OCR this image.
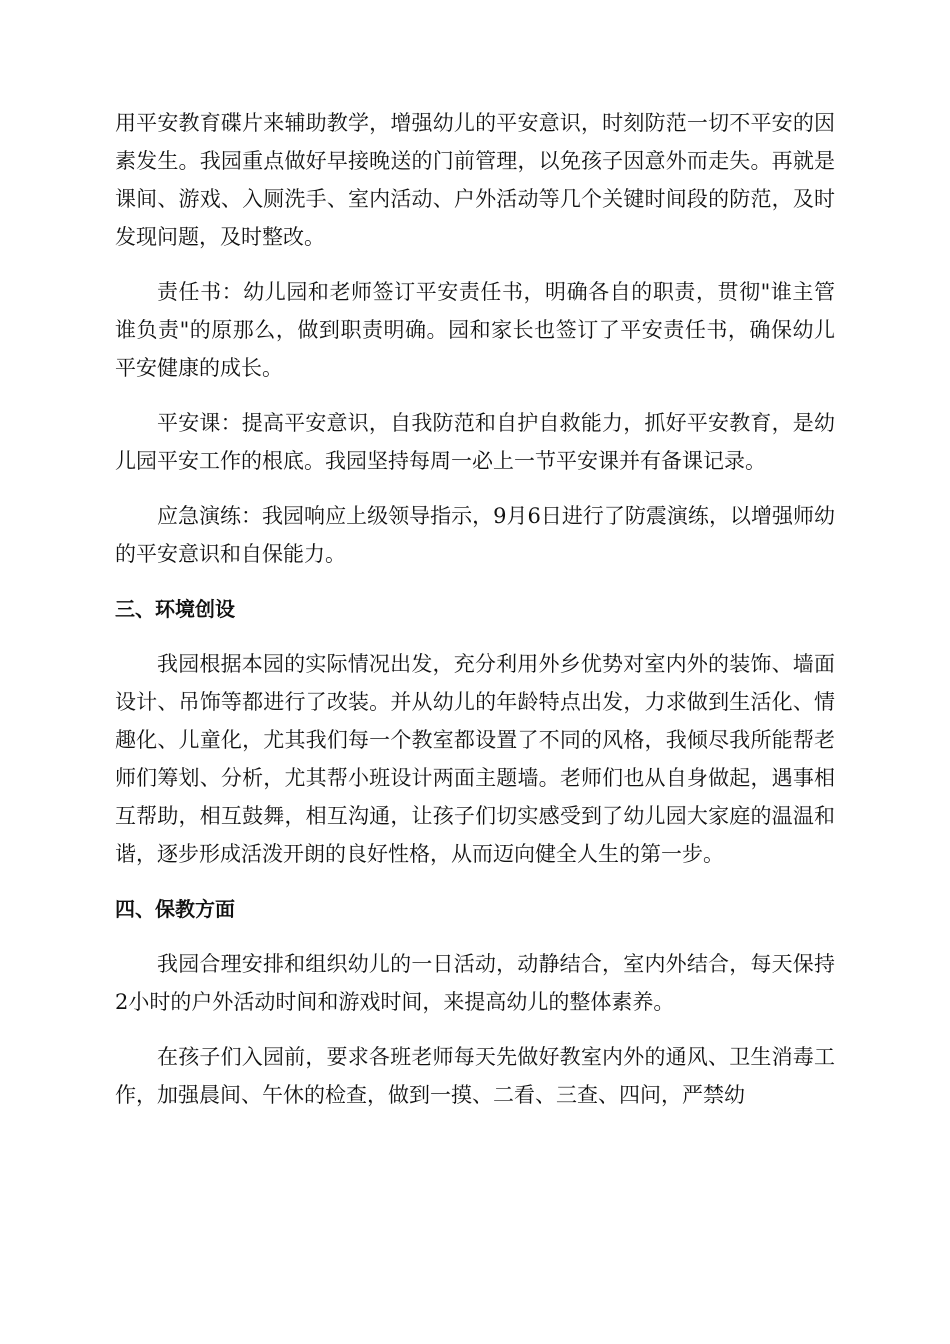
用平安教育碟片来辅助教学，增强幼儿的平安意识，时刻防范一切不平安的因素发生。我园重点做好早接晚送的门前管理，以免孩子因意外而走失。再就是课间、游戏、入厕洗手、室内活动、户外活动等几个关键时间段的防范，及时发现问题，及时整改。

责任书：幼儿园和老师签订平安责任书，明确各自的职责，贯彻"谁主管谁负责"的原那么，做到职责明确。园和家长也签订了平安责任书，确保幼儿平安健康的成长。

平安课：提高平安意识，自我防范和自护自救能力，抓好平安教育，是幼儿园平安工作的根底。我园坚持每周一必上一节平安课并有备课记录。

应急演练：我园响应上级领导指示，9月6日进行了防震演练，以增强师幼的平安意识和自保能力。

三、环境创设

我园根据本园的实际情况出发，充分利用外乡优势对室内外的装饰、墙面设计、吊饰等都进行了改装。并从幼儿的年龄特点出发，力求做到生活化、情趣化、儿童化，尤其我们每一个教室都设置了不同的风格，我倾尽我所能帮老师们筹划、分析，尤其帮小班设计两面主题墙。老师们也从自身做起，遇事相互帮助，相互鼓舞，相互沟通，让孩子们切实感受到了幼儿园大家庭的温温和谐，逐步形成活泼开朗的良好性格，从而迈向健全人生的第一步。

四、保教方面

我园合理安排和组织幼儿的一日活动，动静结合，室内外结合，每天保持2小时的户外活动时间和游戏时间，来提高幼儿的整体素养。

在孩子们入园前，要求各班老师每天先做好教室内外的通风、卫生消毒工作，加强晨间、午休的检查，做到一摸、二看、三查、四问，严禁幼
